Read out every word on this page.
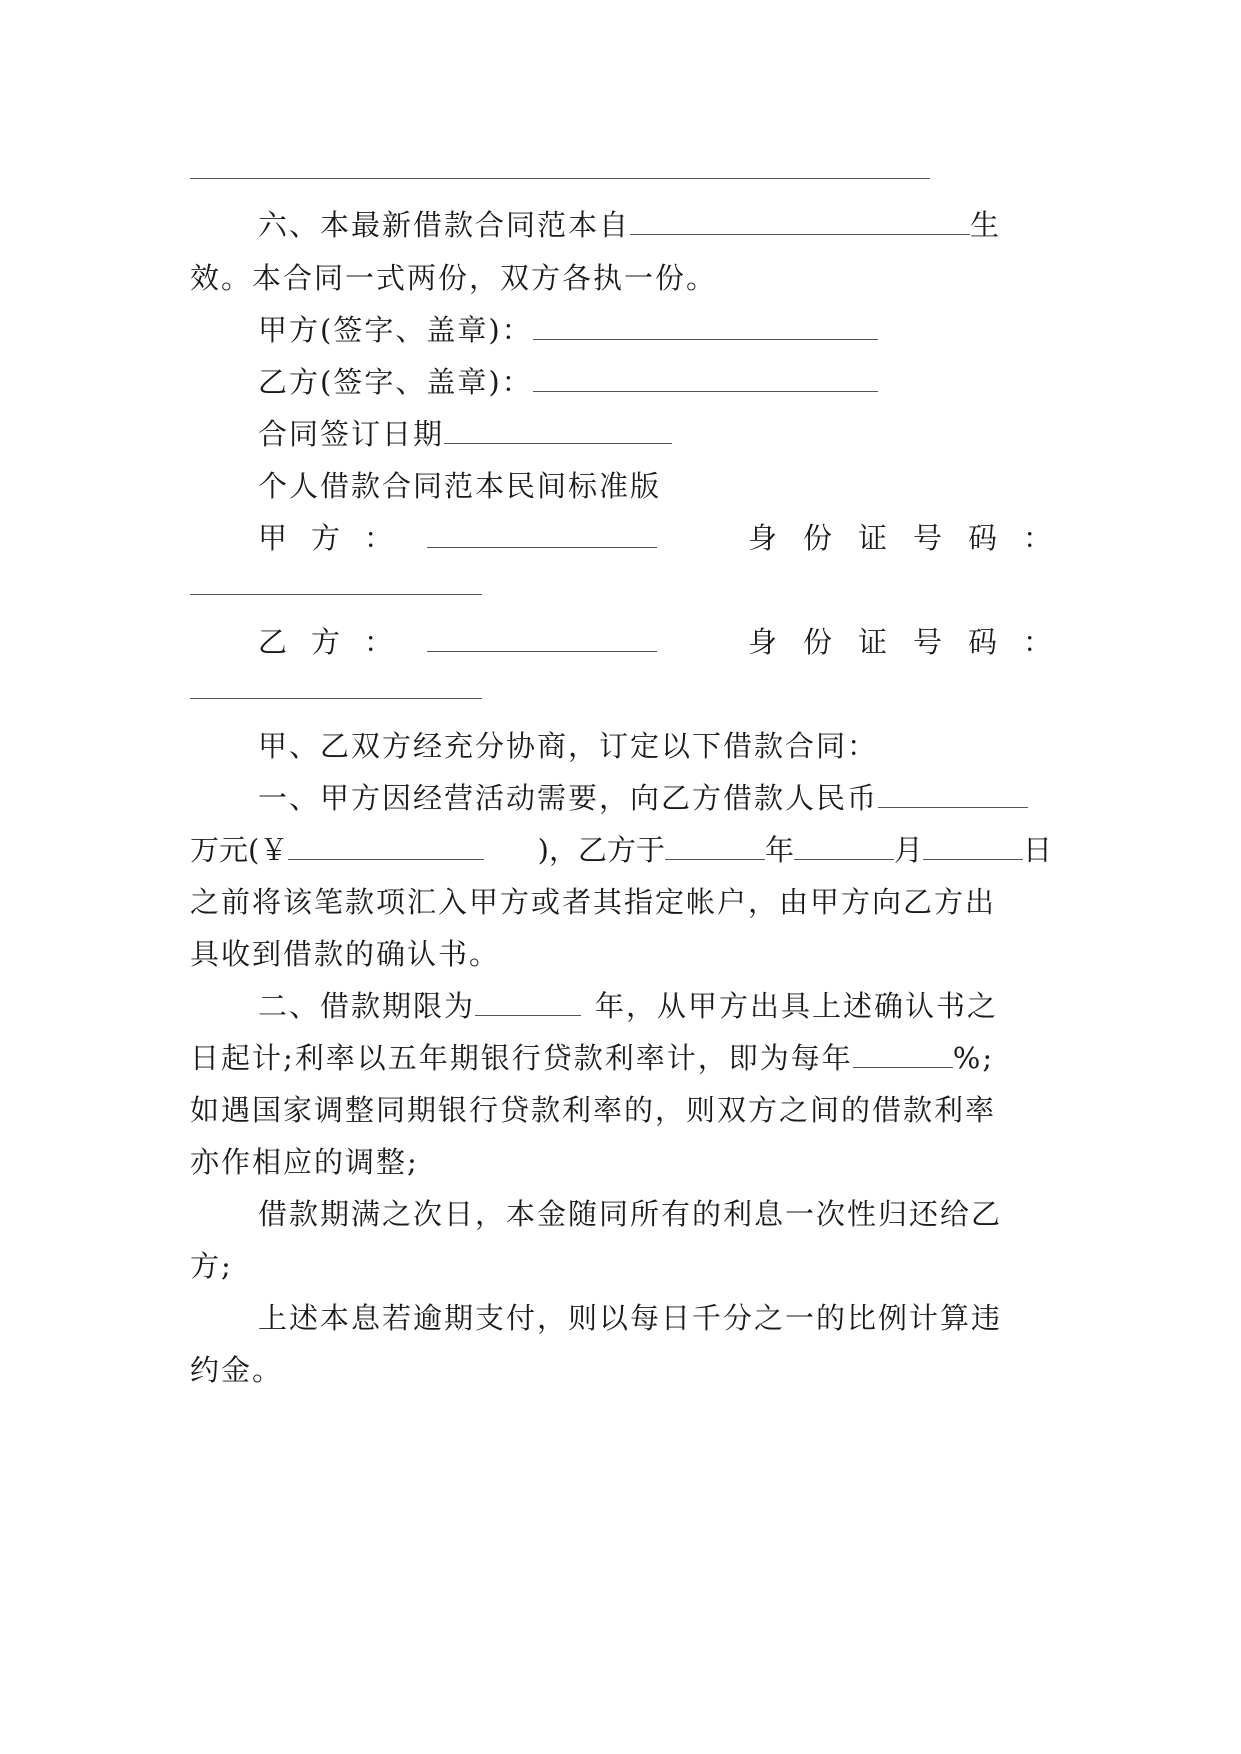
六、本最新借款合同范本自	生
效。本合同一式两份，双方各执一份。
甲方(签字、盖章)：
乙方(签字、盖章)：
合同签订日期
个人借款合同范本民间标准版
甲方：	身份证号码：
乙方：	身份证号码：
甲、乙双方经充分协商，订定以下借款合同：
一、甲方因经营活动需要，向乙方借款人民币
万元(￥	)，乙方于	年	月	日
之前将该笔款项汇入甲方或者其指定帐户，由甲方向乙方出
具收到借款的确认书。
二、借款期限为	年，从甲方出具上述确认书之
日起计;利率以五年期银行贷款利率计，即为每年	%;
如遇国家调整同期银行贷款利率的，则双方之间的借款利率
亦作相应的调整;
借款期满之次日，本金随同所有的利息一次性归还给乙
方;
上述本息若逾期支付，则以每日千分之一的比例计算违
约金。
